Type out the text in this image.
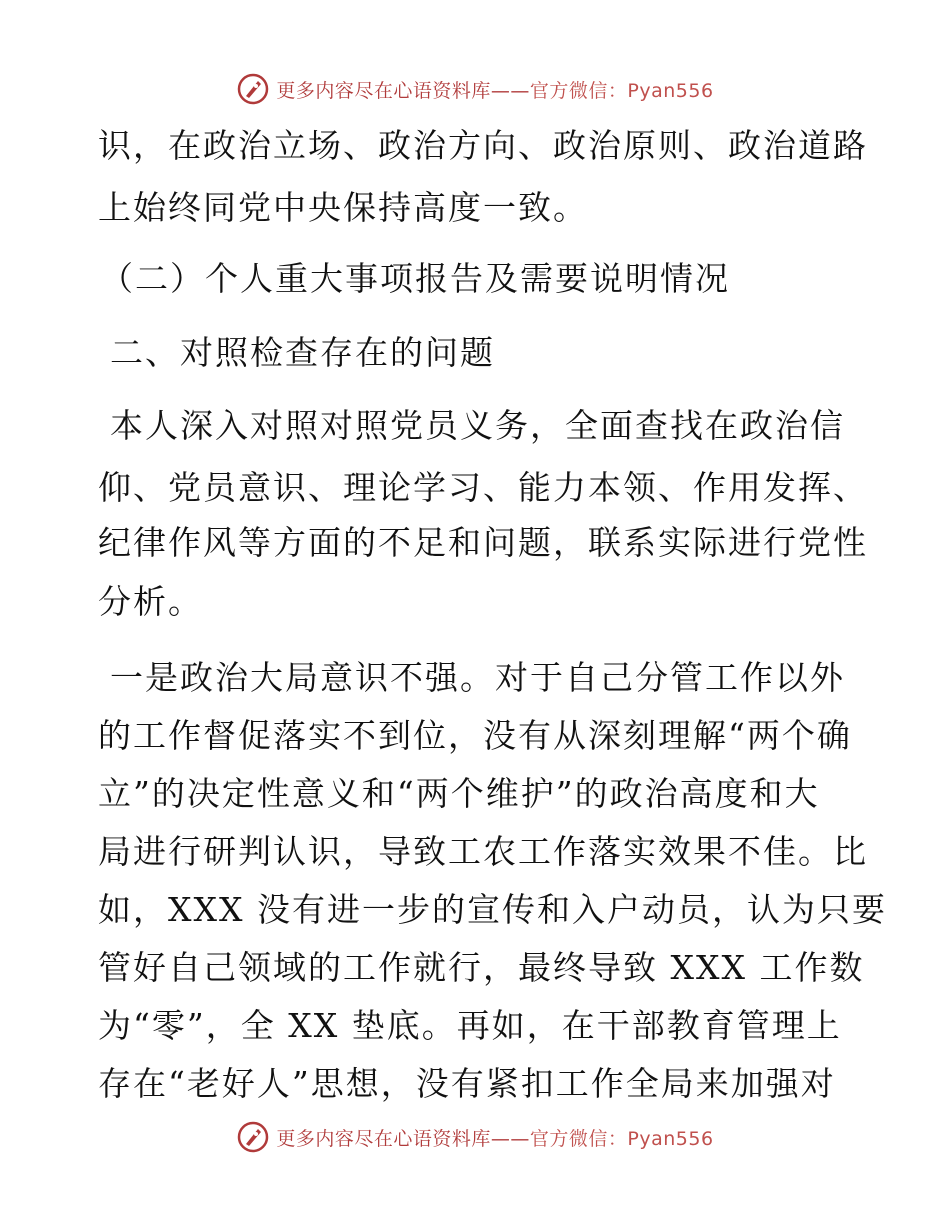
更多内容尽在心语资料库——官方微信：Pyan556

识，在政治立场、政治方向、政治原则、政治道路

上始终同党中央保持高度一致。

（二）个人重大事项报告及需要说明情况

二、对照检查存在的问题

本人深入对照对照党员义务，全面查找在政治信

仰、党员意识、理论学习、能力本领、作用发挥、

纪律作风等方面的不足和问题，联系实际进行党性

分析。

一是政治大局意识不强。对于自己分管工作以外

的工作督促落实不到位，没有从深刻理解“两个确

立”的决定性意义和“两个维护”的政治高度和大

局进行研判认识，导致工农工作落实效果不佳。比

如，XXX 没有进一步的宣传和入户动员，认为只要

管好自己领域的工作就行，最终导致 XXX 工作数

为“零”，全 XX 垫底。再如，在干部教育管理上

存在“老好人”思想，没有紧扣工作全局来加强对

更多内容尽在心语资料库——官方微信：Pyan556
